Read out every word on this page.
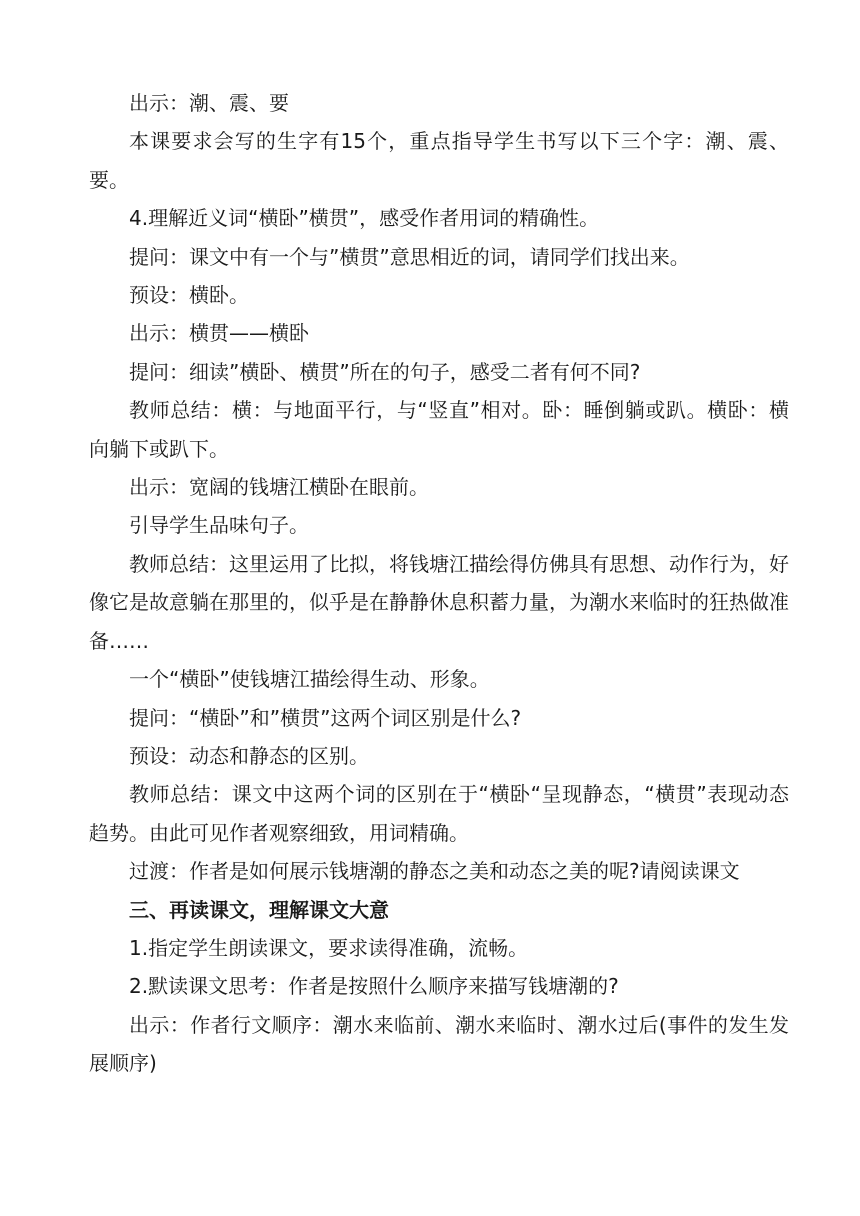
出示：潮、震、要

本课要求会写的生字有15个，重点指导学生书写以下三个字：潮、震、要。

4.理解近义词“横卧”横贯”，感受作者用词的精确性。

提问：课文中有一个与”横贯”意思相近的词，请同学们找出来。

预设：横卧。

出示：横贯——横卧

提问：细读”横卧、横贯”所在的句子，感受二者有何不同?

教师总结：横：与地面平行，与“竖直”相对。卧：睡倒躺或趴。横卧：横向躺下或趴下。

出示：宽阔的钱塘江横卧在眼前。

引导学生品味句子。

教师总结：这里运用了比拟，将钱塘江描绘得仿佛具有思想、动作行为，好像它是故意躺在那里的，似乎是在静静休息积蓄力量，为潮水来临时的狂热做准备……

一个“横卧”使钱塘江描绘得生动、形象。

提问：“横卧”和”横贯”这两个词区别是什么?

预设：动态和静态的区别。

教师总结：课文中这两个词的区别在于“横卧“呈现静态，“横贯”表现动态趋势。由此可见作者观察细致，用词精确。

过渡：作者是如何展示钱塘潮的静态之美和动态之美的呢?请阅读课文

三、再读课文，理解课文大意

1.指定学生朗读课文，要求读得准确，流畅。

2.默读课文思考：作者是按照什么顺序来描写钱塘潮的?

出示：作者行文顺序：潮水来临前、潮水来临时、潮水过后(事件的发生发展顺序)
